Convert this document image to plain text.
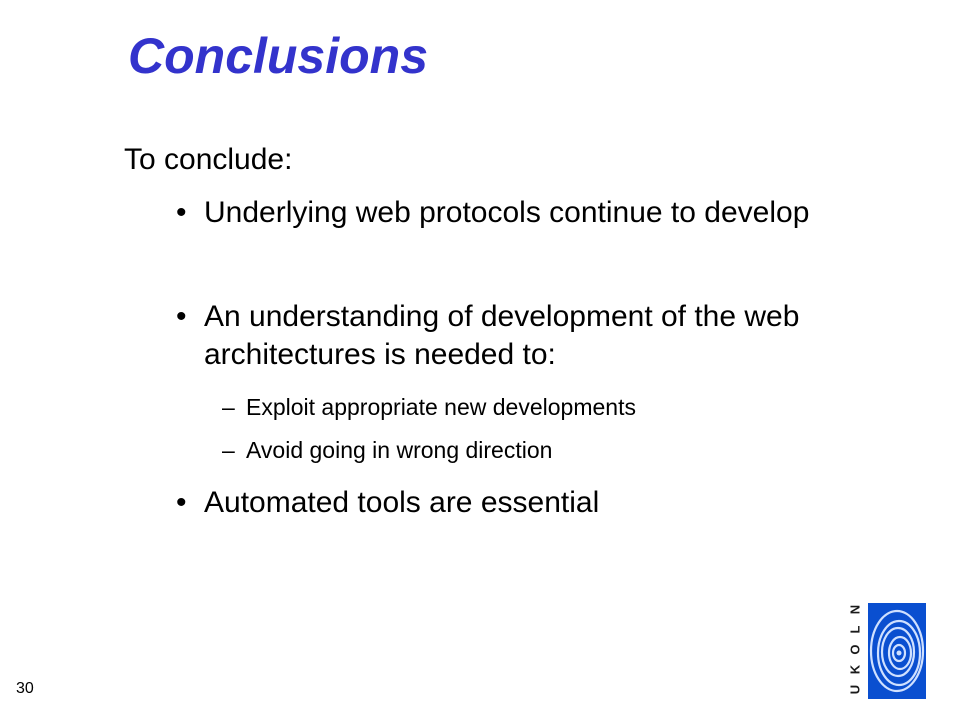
Conclusions
To conclude:
• Underlying web protocols continue to develop
• An understanding of development of the web architectures is needed to:
– Exploit appropriate new developments
– Avoid going in wrong direction
• Automated tools are essential
30	U
K
O
L
N
